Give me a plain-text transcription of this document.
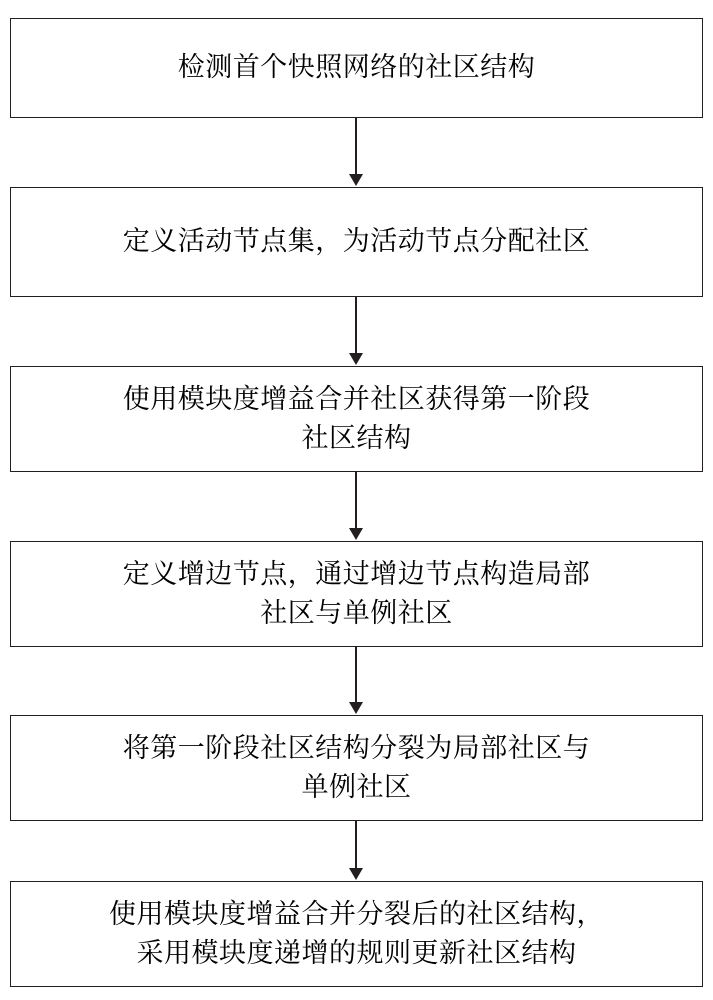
检测首个快照网络的社区结构
定义活动节点集，为活动节点分配社区
使用模块度增益合并社区获得第一阶段
社区结构
定义增边节点，通过增边节点构造局部
社区与单例社区
将第一阶段社区结构分裂为局部社区与
单例社区
使用模块度增益合并分裂后的社区结构，
采用模块度递增的规则更新社区结构
